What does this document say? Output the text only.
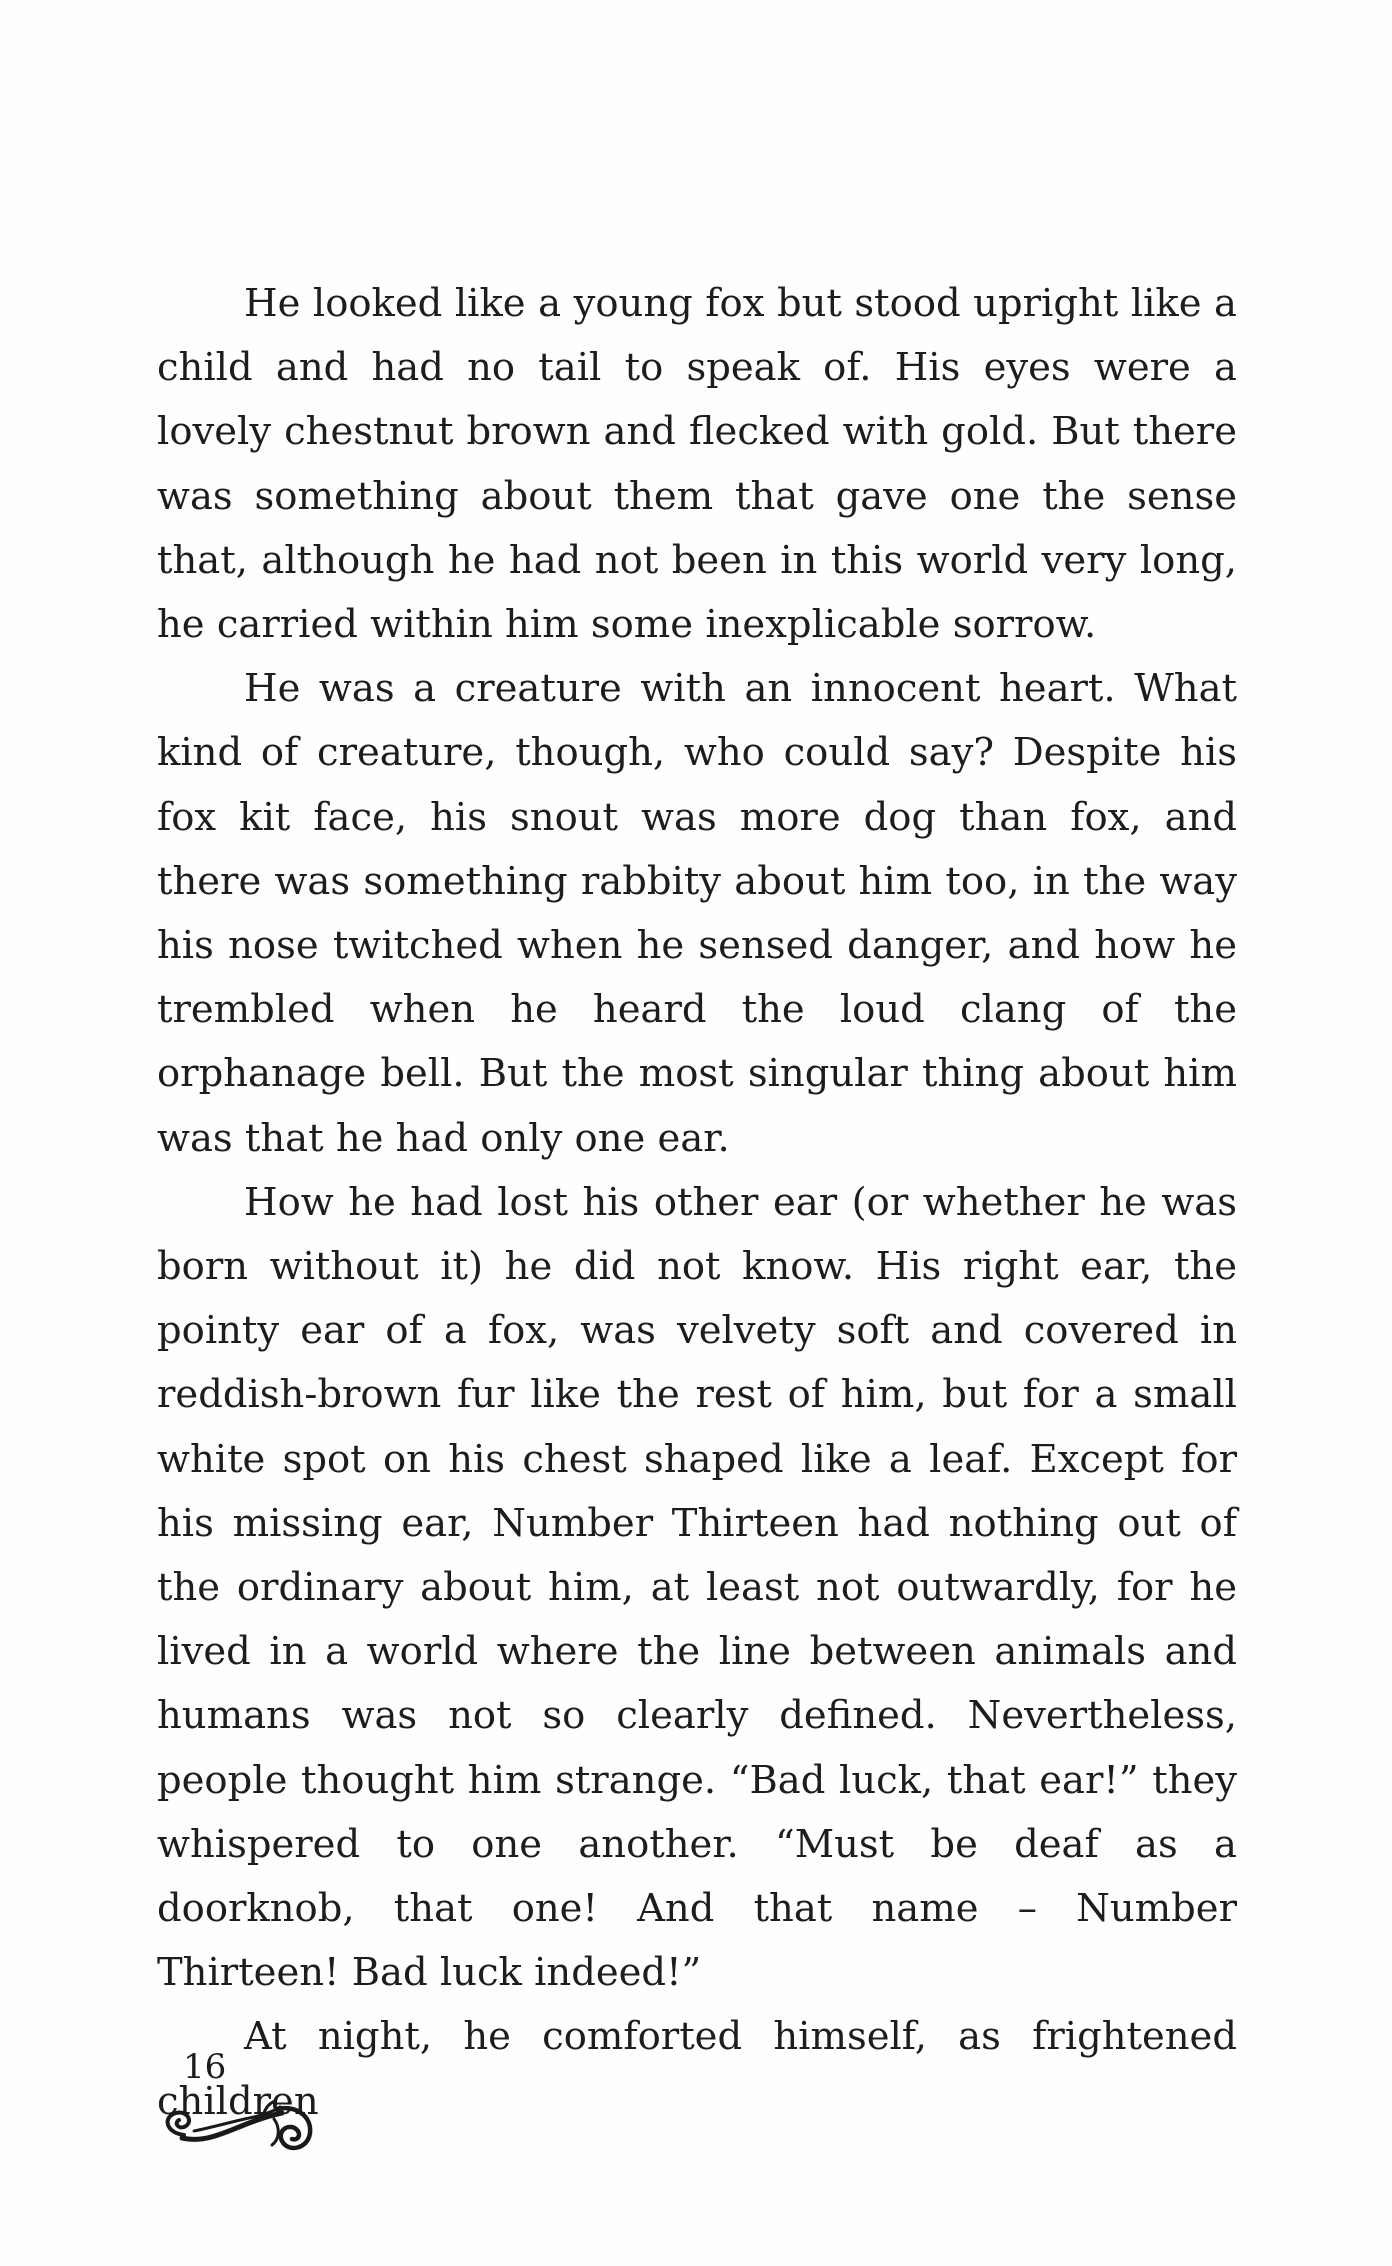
He looked like a young fox but stood upright like a child and had no tail to speak of. His eyes were a lovely chestnut brown and flecked with gold. But there was something about them that gave one the sense that, although he had not been in this world very long, he carried within him some inexplicable sorrow.

He was a creature with an innocent heart. What kind of creature, though, who could say? Despite his fox kit face, his snout was more dog than fox, and there was something rabbity about him too, in the way his nose twitched when he sensed danger, and how he trembled when he heard the loud clang of the orphanage bell. But the most singular thing about him was that he had only one ear.

How he had lost his other ear (or whether he was born without it) he did not know. His right ear, the pointy ear of a fox, was velvety soft and covered in reddish-brown fur like the rest of him, but for a small white spot on his chest shaped like a leaf. Except for his missing ear, Number Thirteen had nothing out of the ordinary about him, at least not outwardly, for he lived in a world where the line between animals and humans was not so clearly defined. Nevertheless, people thought him strange. “Bad luck, that ear!” they whispered to one another. “Must be deaf as a doorknob, that one! And that name – Number Thirteen! Bad luck indeed!”

At night, he comforted himself, as frightened children

16
